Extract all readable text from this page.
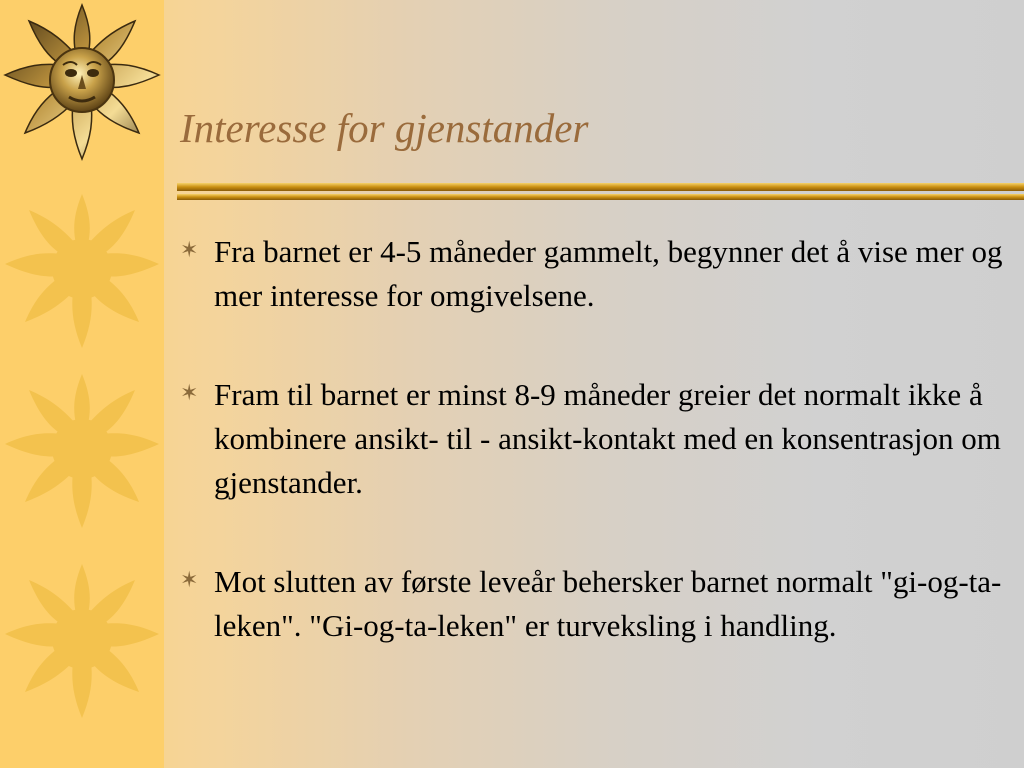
Interesse for gjenstander
✶ Fra barnet er 4-5 måneder gammelt, begynner det å vise mer og mer interesse for omgivelsene.
✶ Fram til barnet er minst 8-9 måneder greier det normalt ikke å kombinere ansikt- til - ansikt-kontakt med en konsentrasjon om gjenstander.
✶ Mot slutten av første leveår behersker barnet normalt "gi-og-ta-leken". "Gi-og-ta-leken" er turveksling i handling.
